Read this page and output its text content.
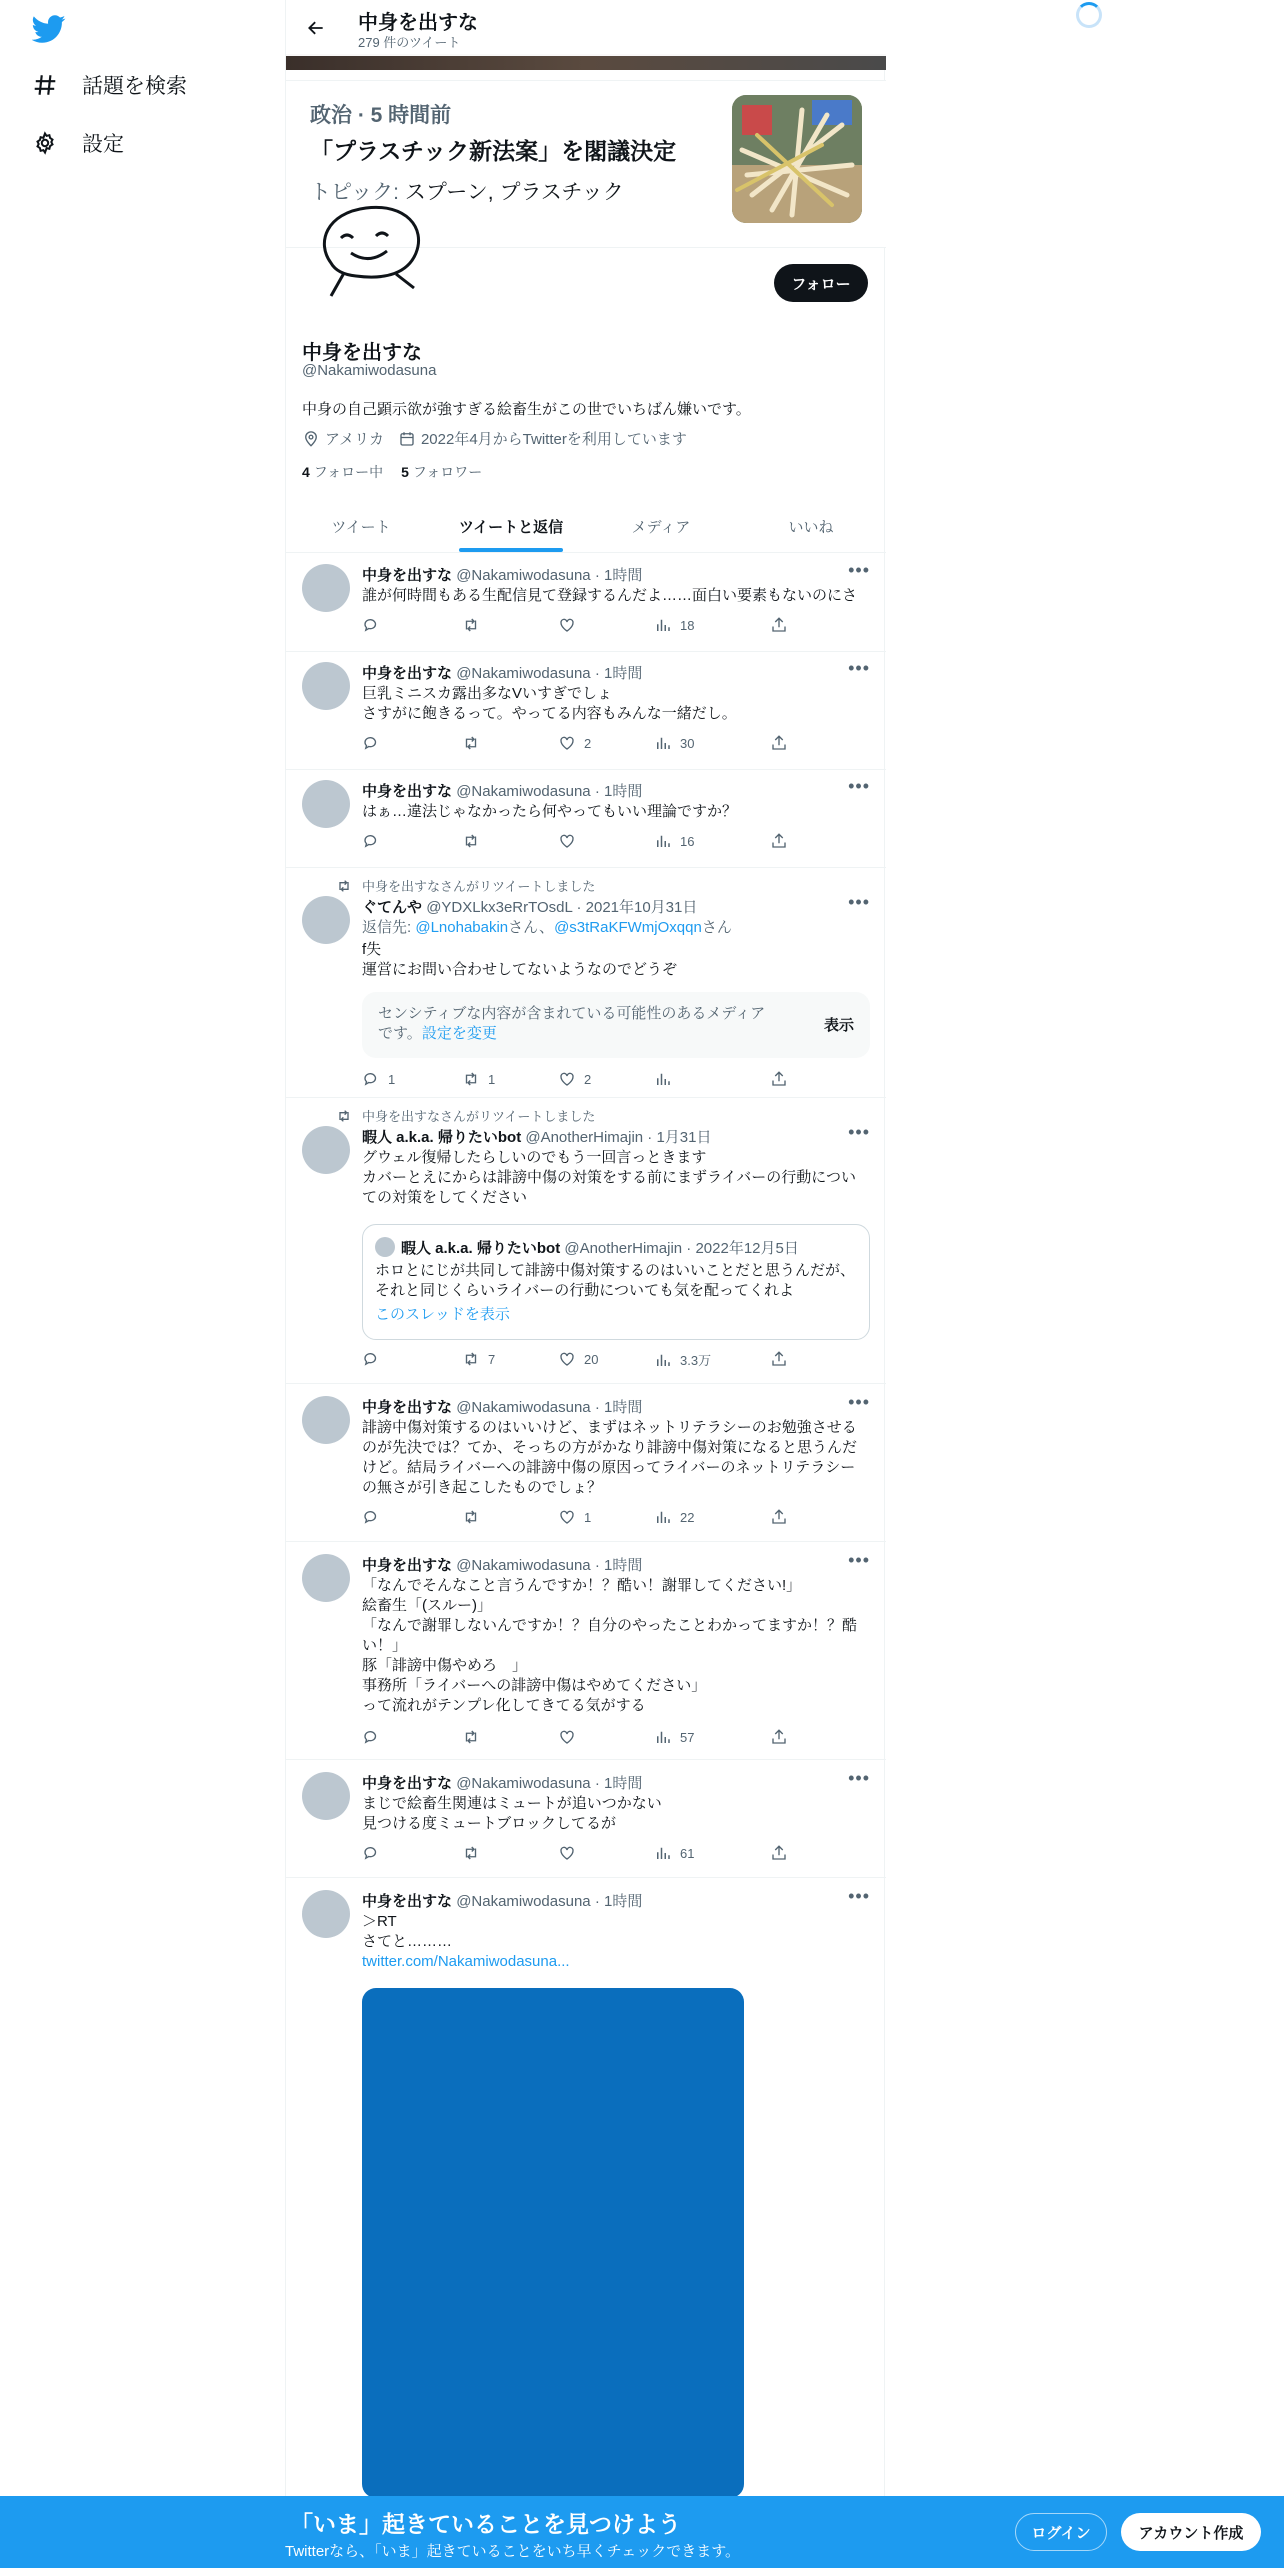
話題を検索
設定
中身を出すな
279 件のツイート
政治 · 5 時間前
「プラスチック新法案」を閣議決定
トピック: スプーン, プラスチック
フォロー
中身を出すな
@Nakamiwodasuna
中身の自己顕示欲が強すぎる絵畜生がこの世でいちばん嫌いです。
アメリカ 2022年4月からTwitterを利用しています
4 フォロー中 5 フォロワー
ツイート	ツイートと返信	メディア	いいね
中身を出すな @Nakamiwodasuna · 1時間	•••
誰が何時間もある生配信見て登録するんだよ……面白い要素もないのにさ
18
中身を出すな @Nakamiwodasuna · 1時間	•••
巨乳ミニスカ露出多なVいすぎでしょ
さすがに飽きるって。やってる内容もみんな一緒だし。
2	30
中身を出すな @Nakamiwodasuna · 1時間	•••
はぁ…違法じゃなかったら何やってもいい理論ですか？
16
中身を出すなさんがリツイートしました
ぐてんや @YDXLkx3eRrTOsdL · 2021年10月31日	•••
返信先: @Lnohabakinさん、@s3tRaKFWmjOxqqnさん
f失
運営にお問い合わせしてないようなのでどうぞ
センシティブな内容が含まれている可能性のあるメディアです。設定を変更	表示
1	1	2
中身を出すなさんがリツイートしました
暇人 a.k.a. 帰りたいbot @AnotherHimajin · 1月31日	•••
グウェル復帰したらしいのでもう一回言っときます
カバーとえにからは誹謗中傷の対策をする前にまずライバーの行動についての対策をしてください
暇人 a.k.a. 帰りたいbot @AnotherHimajin · 2022年12月5日
ホロとにじが共同して誹謗中傷対策するのはいいことだと思うんだが、それと同じくらいライバーの行動についても気を配ってくれよ
このスレッドを表示
7	20	3.3万
中身を出すな @Nakamiwodasuna · 1時間	•••
誹謗中傷対策するのはいいけど、まずはネットリテラシーのお勉強させるのが先決では？てか、そっちの方がかなり誹謗中傷対策になると思うんだけど。結局ライバーへの誹謗中傷の原因ってライバーのネットリテラシーの無さが引き起こしたものでしょ？
1	22
中身を出すな @Nakamiwodasuna · 1時間	•••
「なんでそんなこと言うんですか！？酷い！謝罪してください!」
絵畜生「(スルー)」
「なんで謝罪しないんですか！？自分のやったことわかってますか！？酷い！」
豚「誹謗中傷やめろ　」
事務所「ライバーへの誹謗中傷はやめてください」
って流れがテンプレ化してきてる気がする
57
中身を出すな @Nakamiwodasuna · 1時間	•••
まじで絵畜生関連はミュートが追いつかない
見つける度ミュートブロックしてるが
61
中身を出すな @Nakamiwodasuna · 1時間	•••
＞RT
さてと………
twitter.com/Nakamiwodasuna...
「いま」起きていることを見つけよう
Twitterなら、「いま」起きていることをいち早くチェックできます。
ログイン	アカウント作成
